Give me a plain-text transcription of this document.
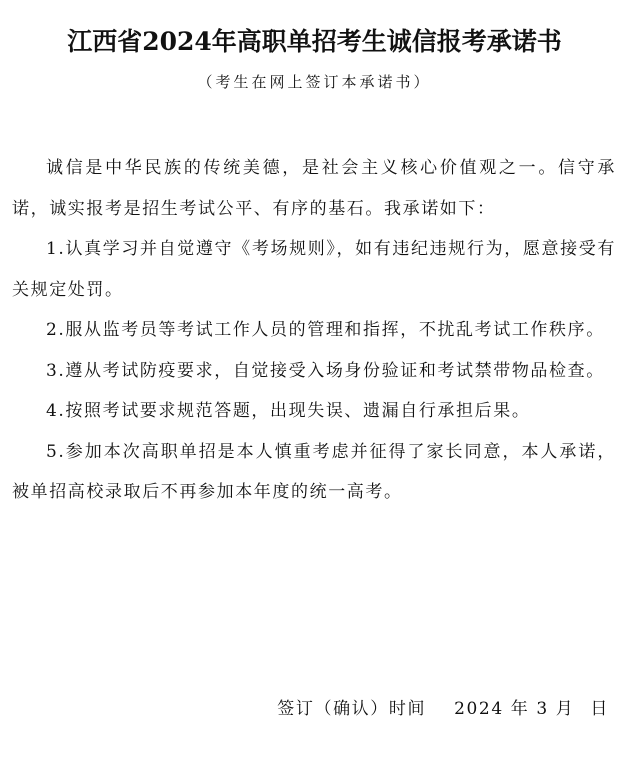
江西省2024年高职单招考生诚信报考承诺书
（考生在网上签订本承诺书）

诚信是中华民族的传统美德，是社会主义核心价值观之一。信守承诺，诚实报考是招生考试公平、有序的基石。我承诺如下：

1.认真学习并自觉遵守《考场规则》，如有违纪违规行为，愿意接受有关规定处罚。

2.服从监考员等考试工作人员的管理和指挥，不扰乱考试工作秩序。

3.遵从考试防疫要求，自觉接受入场身份验证和考试禁带物品检查。

4.按照考试要求规范答题，出现失误、遗漏自行承担后果。

5.参加本次高职单招是本人慎重考虑并征得了家长同意，本人承诺，被单招高校录取后不再参加本年度的统一高考。

签订（确认）时间 2024 年 3 月 日
